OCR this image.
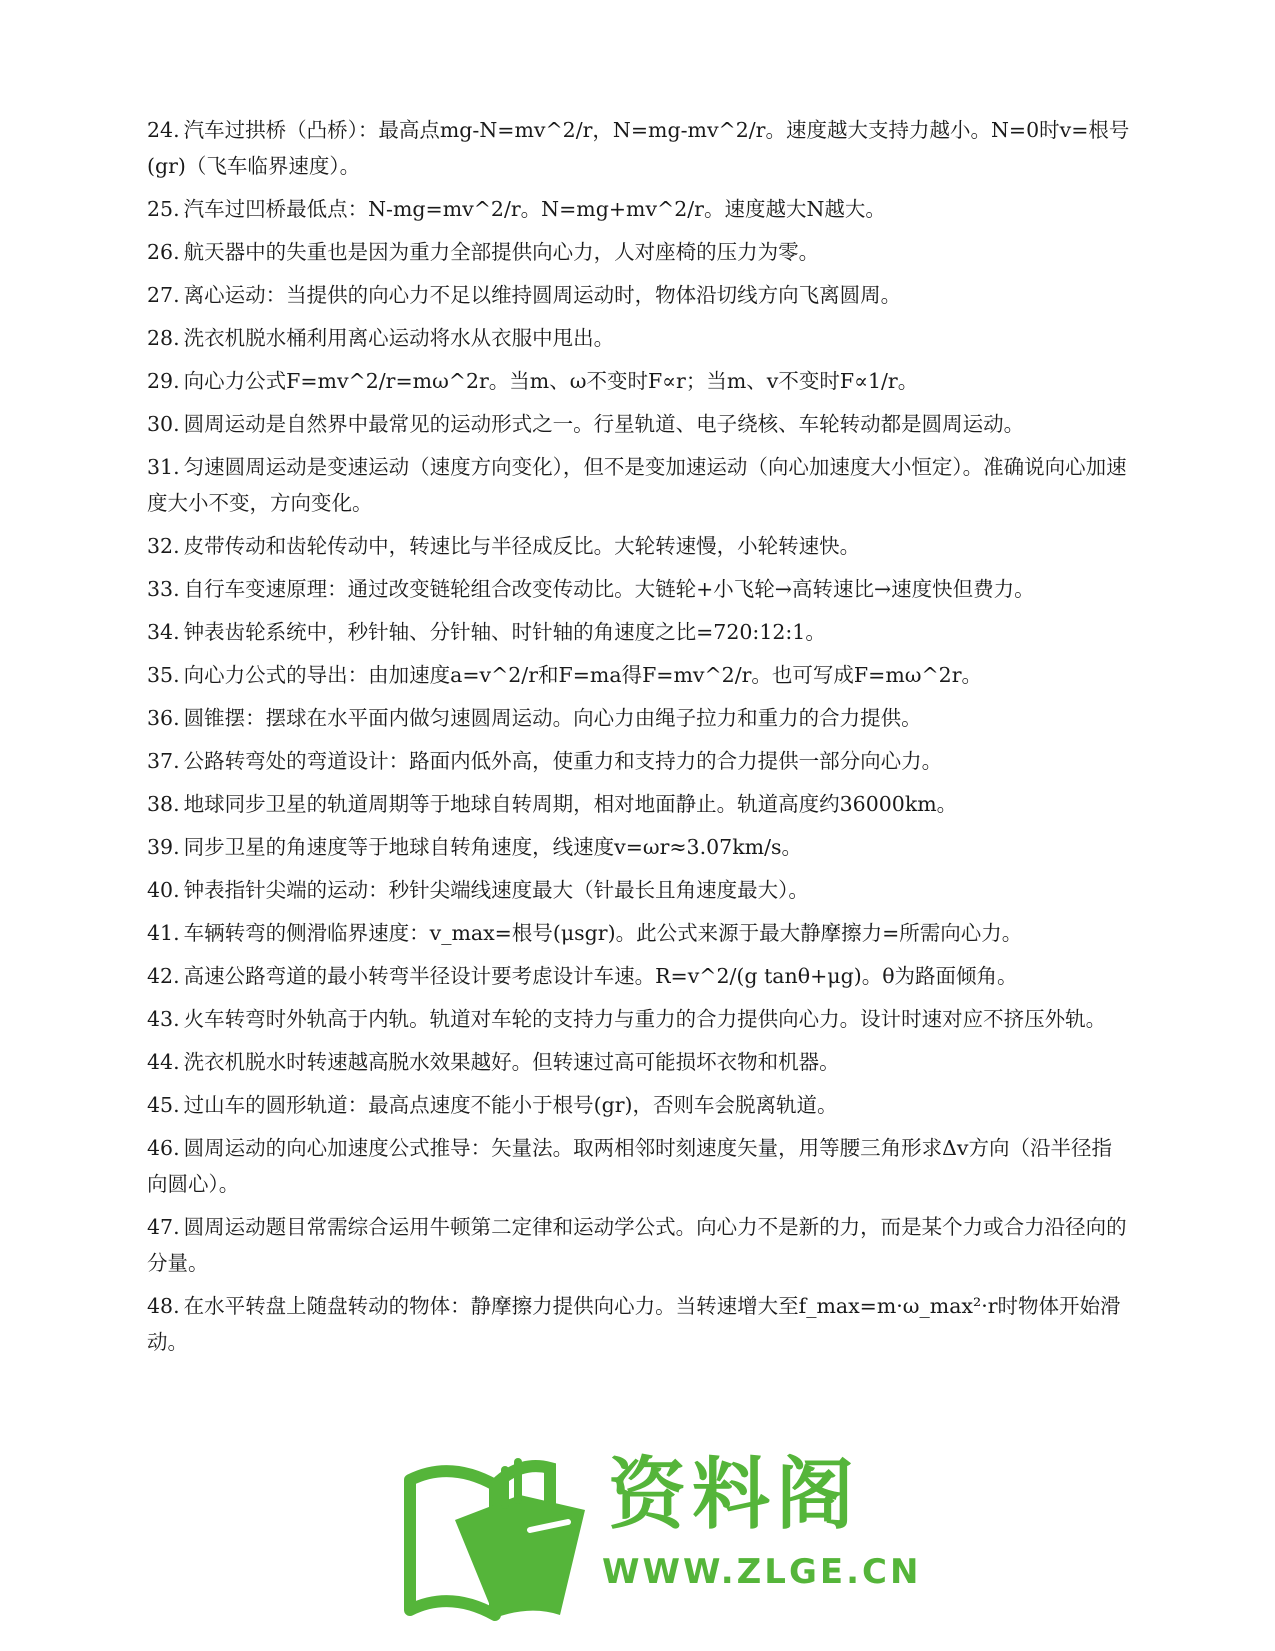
24. 汽车过拱桥（凸桥）：最高点mg-N=mv^2/r，N=mg-mv^2/r。速度越大支持力越小。N=0时v=根号(gr)（飞车临界速度）。
25. 汽车过凹桥最低点：N-mg=mv^2/r。N=mg+mv^2/r。速度越大N越大。
26. 航天器中的失重也是因为重力全部提供向心力，人对座椅的压力为零。
27. 离心运动：当提供的向心力不足以维持圆周运动时，物体沿切线方向飞离圆周。
28. 洗衣机脱水桶利用离心运动将水从衣服中甩出。
29. 向心力公式F=mv^2/r=mω^2r。当m、ω不变时F∝r；当m、v不变时F∝1/r。
30. 圆周运动是自然界中最常见的运动形式之一。行星轨道、电子绕核、车轮转动都是圆周运动。
31. 匀速圆周运动是变速运动（速度方向变化），但不是变加速运动（向心加速度大小恒定）。准确说向心加速度大小不变，方向变化。
32. 皮带传动和齿轮传动中，转速比与半径成反比。大轮转速慢，小轮转速快。
33. 自行车变速原理：通过改变链轮组合改变传动比。大链轮+小飞轮→高转速比→速度快但费力。
34. 钟表齿轮系统中，秒针轴、分针轴、时针轴的角速度之比=720:12:1。
35. 向心力公式的导出：由加速度a=v^2/r和F=ma得F=mv^2/r。也可写成F=mω^2r。
36. 圆锥摆：摆球在水平面内做匀速圆周运动。向心力由绳子拉力和重力的合力提供。
37. 公路转弯处的弯道设计：路面内低外高，使重力和支持力的合力提供一部分向心力。
38. 地球同步卫星的轨道周期等于地球自转周期，相对地面静止。轨道高度约36000km。
39. 同步卫星的角速度等于地球自转角速度，线速度v=ωr≈3.07km/s。
40. 钟表指针尖端的运动：秒针尖端线速度最大（针最长且角速度最大）。
41. 车辆转弯的侧滑临界速度：v_max=根号(μsgr)。此公式来源于最大静摩擦力=所需向心力。
42. 高速公路弯道的最小转弯半径设计要考虑设计车速。R=v^2/(g tanθ+μg)。θ为路面倾角。
43. 火车转弯时外轨高于内轨。轨道对车轮的支持力与重力的合力提供向心力。设计时速对应不挤压外轨。
44. 洗衣机脱水时转速越高脱水效果越好。但转速过高可能损坏衣物和机器。
45. 过山车的圆形轨道：最高点速度不能小于根号(gr)，否则车会脱离轨道。
46. 圆周运动的向心加速度公式推导：矢量法。取两相邻时刻速度矢量，用等腰三角形求Δv方向（沿半径指向圆心）。
47. 圆周运动题目常需综合运用牛顿第二定律和运动学公式。向心力不是新的力，而是某个力或合力沿径向的分量。
48. 在水平转盘上随盘转动的物体：静摩擦力提供向心力。当转速增大至f_max=m·ω_max²·r时物体开始滑动。
资料阁
WWW.ZLGE.CN
